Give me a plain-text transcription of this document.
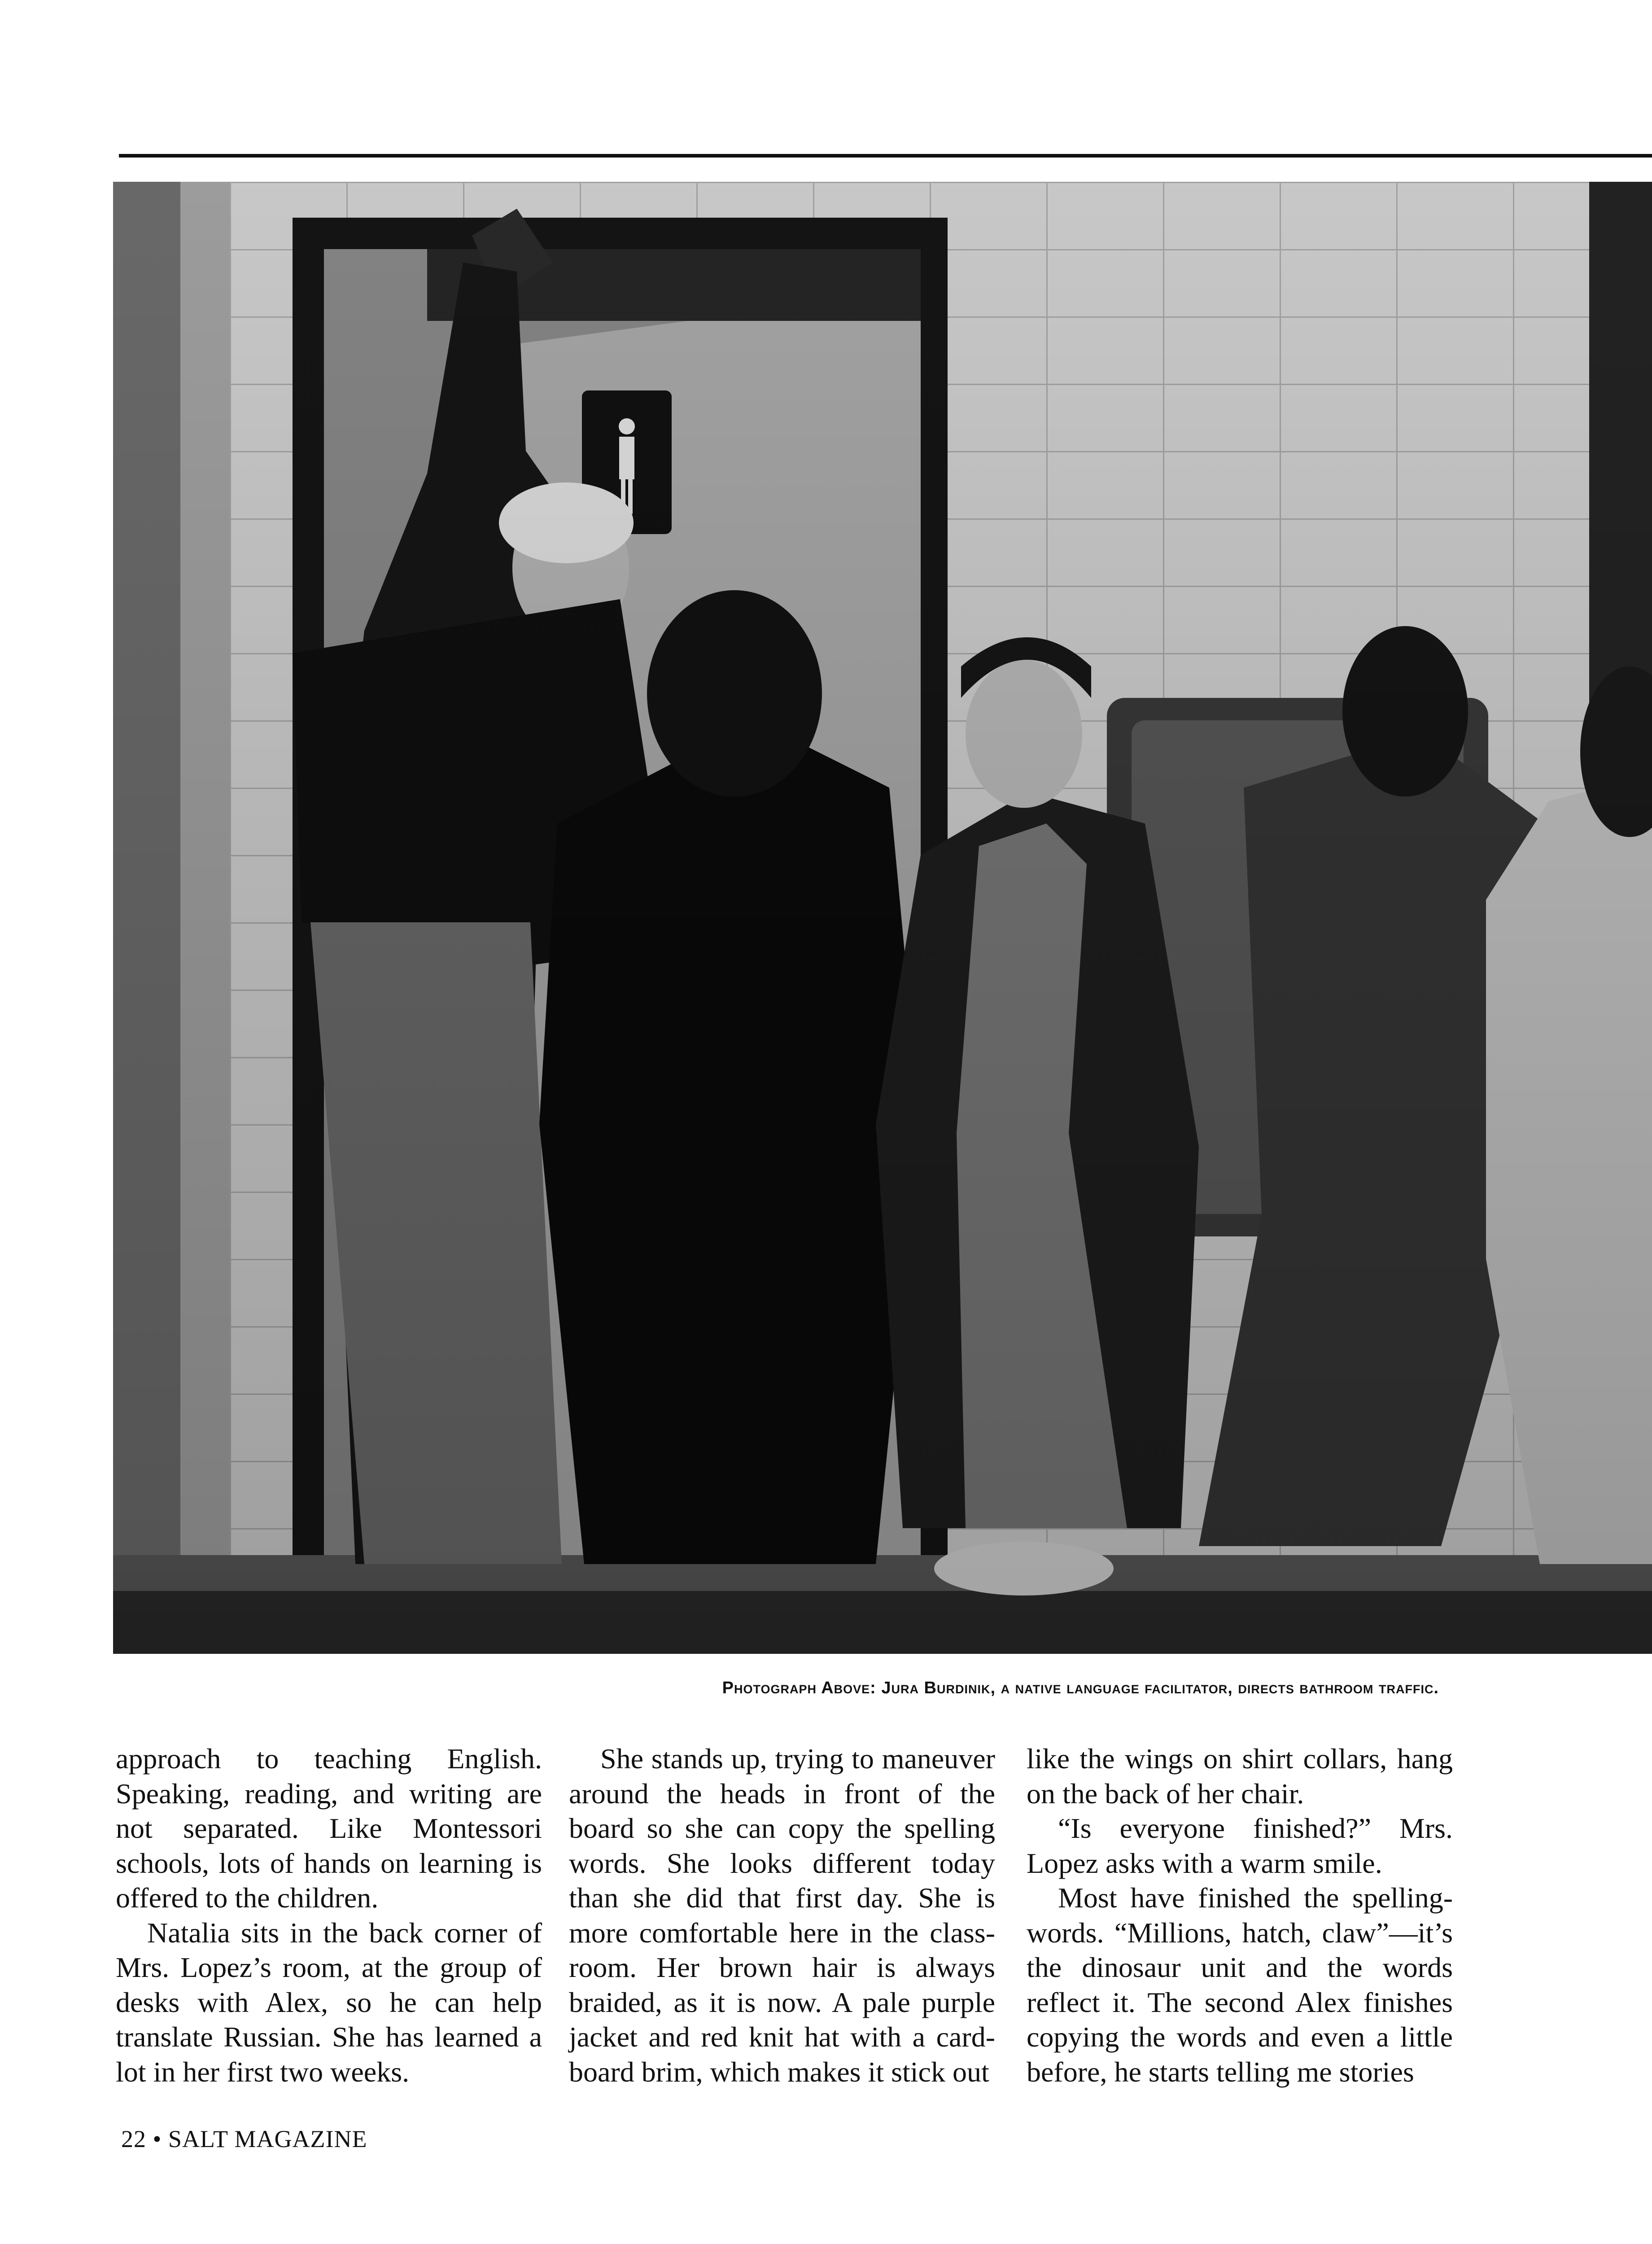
Photograph Above: Jura Burdinik, a native language facilitator, directs bathroom traffic.

approach to teaching English. Speaking, reading, and writing are not separated. Like Montessori schools, lots of hands on learning is offered to the children.

Natalia sits in the back corner of Mrs. Lopez’s room, at the group of desks with Alex, so he can help translate Russian. She has learned a lot in her first two weeks.

She stands up, trying to maneuver around the heads in front of the board so she can copy the spelling words. She looks different today than she did that first day. She is more comfortable here in the classroom. Her brown hair is always braided, as it is now. A pale purple jacket and red knit hat with a cardboard brim, which makes it stick out

like the wings on shirt collars, hang on the back of her chair.

“Is everyone finished?” Mrs. Lopez asks with a warm smile.

Most have finished the spelling-words. “Millions, hatch, claw”—it’s the dinosaur unit and the words reflect it. The second Alex finishes copying the words and even a little before, he starts telling me stories

22 • SALT MAGAZINE
